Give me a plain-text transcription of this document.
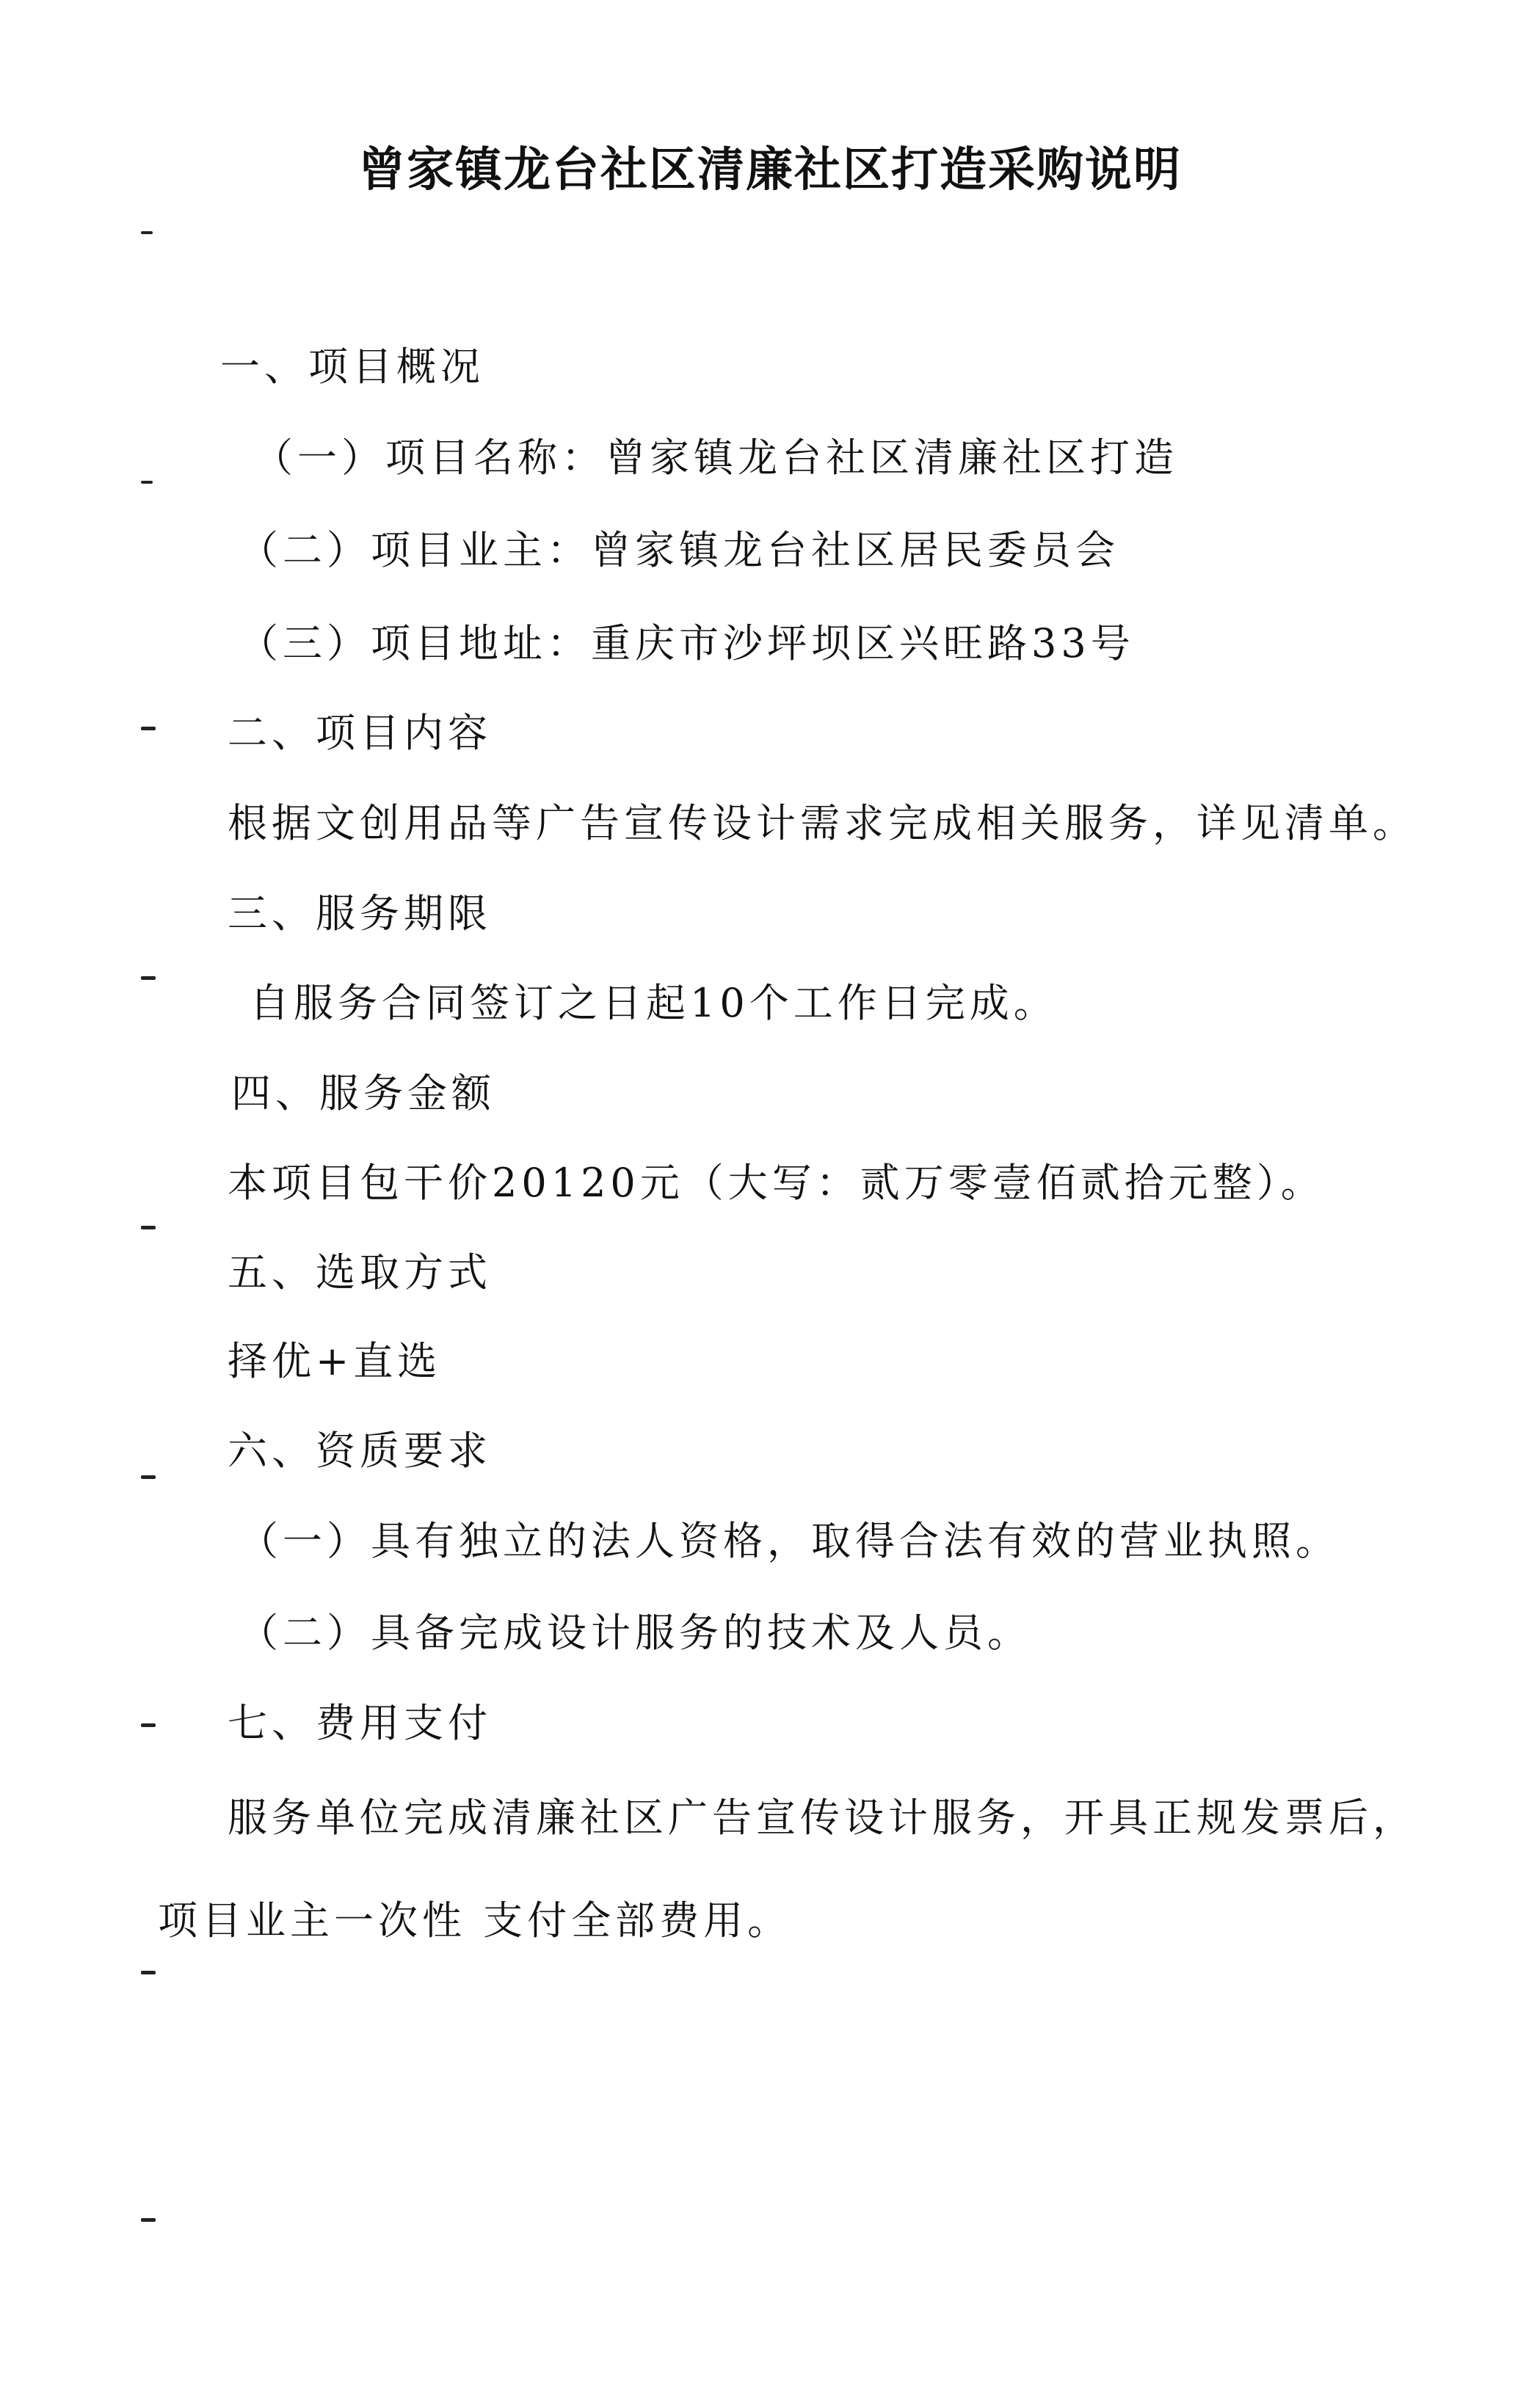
曾家镇龙台社区清廉社区打造采购说明
一、项目概况
（一）项目名称：曾家镇龙台社区清廉社区打造
（二）项目业主：曾家镇龙台社区居民委员会
（三）项目地址：重庆市沙坪坝区兴旺路33号
二、项目内容
根据文创用品等广告宣传设计需求完成相关服务，详见清单。
三、服务期限
自服务合同签订之日起10个工作日完成。
四、服务金额
本项目包干价20120元（大写：贰万零壹佰贰拾元整）。
五、选取方式
择优+直选
六、资质要求
（一）具有独立的法人资格，取得合法有效的营业执照。
（二）具备完成设计服务的技术及人员。
七、费用支付
服务单位完成清廉社区广告宣传设计服务，开具正规发票后，
项目业主一次性 支付全部费用。
